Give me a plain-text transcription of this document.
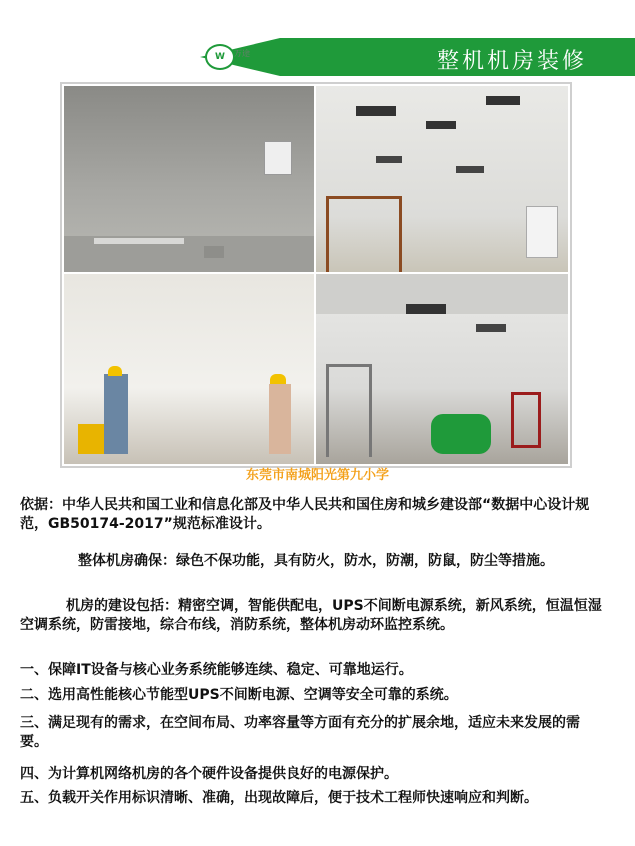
W 万途	整机机房装修
东莞市南城阳光第九小学
依据：中华人民共和国工业和信息化部及中华人民共和国住房和城乡建设部“数据中心设计规范，GB50174-2017”规范标准设计。
整体机房确保：绿色不保功能，具有防火，防水，防潮，防鼠，防尘等措施。
机房的建设包括：精密空调，智能供配电，UPS不间断电源系统，新风系统，恒温恒湿空调系统，防雷接地，综合布线，消防系统，整体机房动环监控系统。
一、保障IT设备与核心业务系统能够连续、稳定、可靠地运行。
二、选用高性能核心节能型UPS不间断电源、空调等安全可靠的系统。
三、满足现有的需求，在空间布局、功率容量等方面有充分的扩展余地，适应未来发展的需要。
四、为计算机网络机房的各个硬件设备提供良好的电源保护。
五、负载开关作用标识清晰、准确，出现故障后，便于技术工程师快速响应和判断。
